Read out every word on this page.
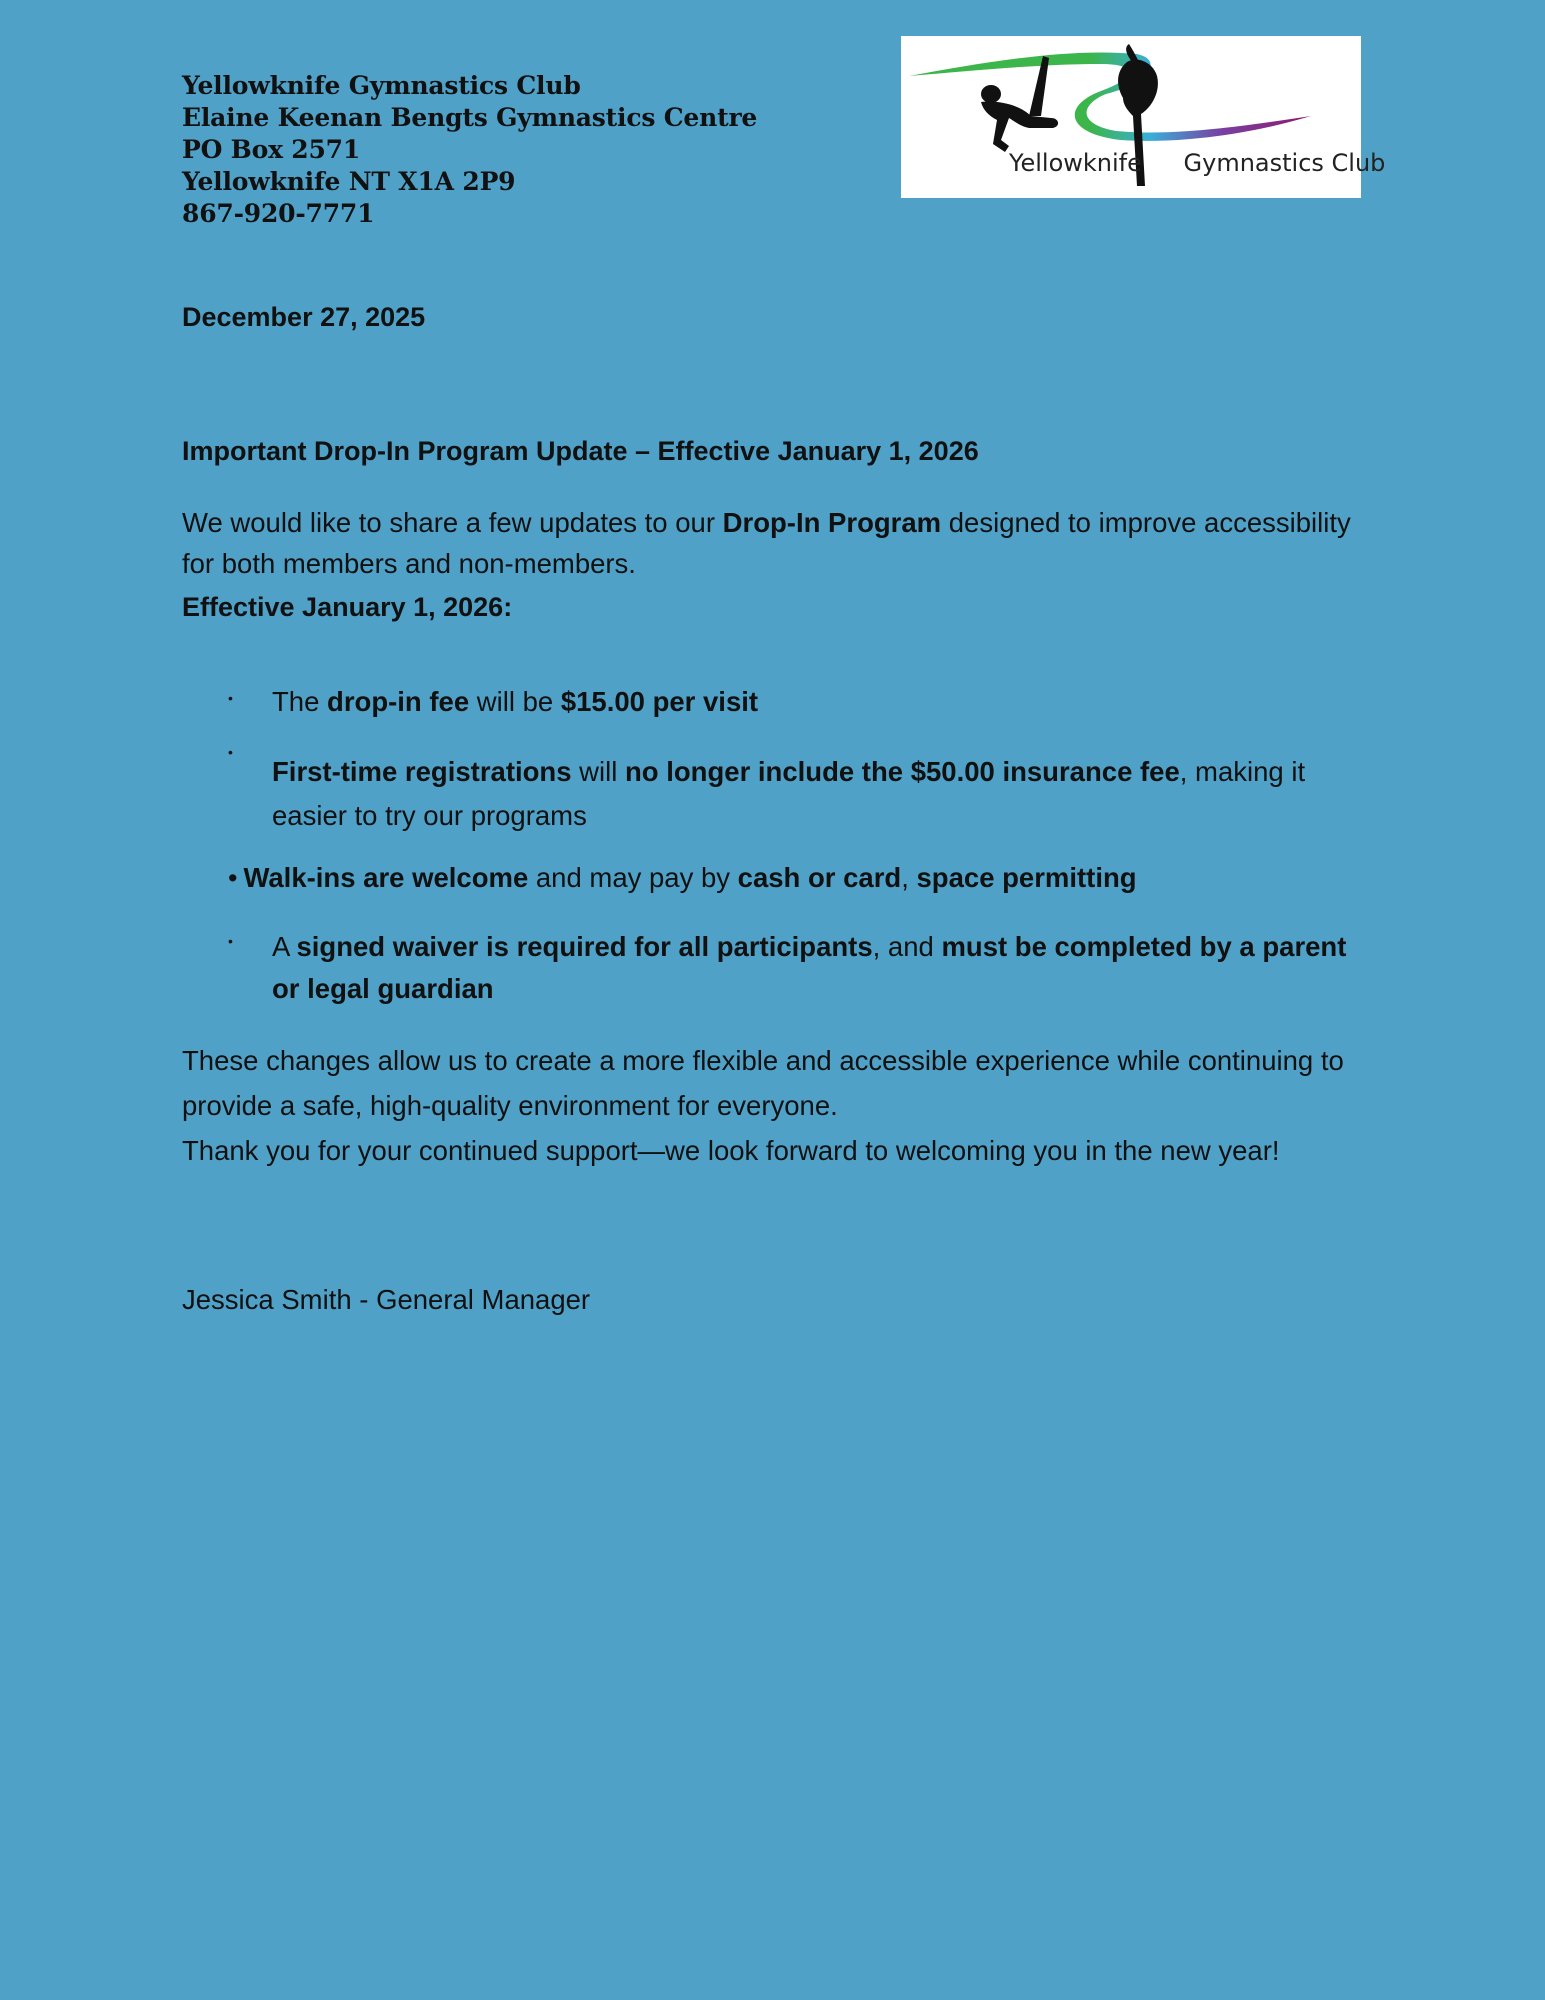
Yellowknife Gymnastics Club
Elaine Keenan Bengts Gymnastics Centre
PO Box 2571
Yellowknife NT X1A 2P9
867-920-7771
Yellowknife Gymnastics Club
December 27, 2025
Important Drop-In Program Update – Effective January 1, 2026
We would like to share a few updates to our Drop-In Program designed to improve accessibility for both members and non-members.
Effective January 1, 2026:
• The drop-in fee will be $15.00 per visit
•
First-time registrations will no longer include the $50.00 insurance fee, making it easier to try our programs
• Walk-ins are welcome and may pay by cash or card, space permitting
• A signed waiver is required for all participants, and must be completed by a parent or legal guardian
These changes allow us to create a more flexible and accessible experience while continuing to provide a safe, high-quality environment for everyone.
Thank you for your continued support—we look forward to welcoming you in the new year!
Jessica Smith - General Manager
